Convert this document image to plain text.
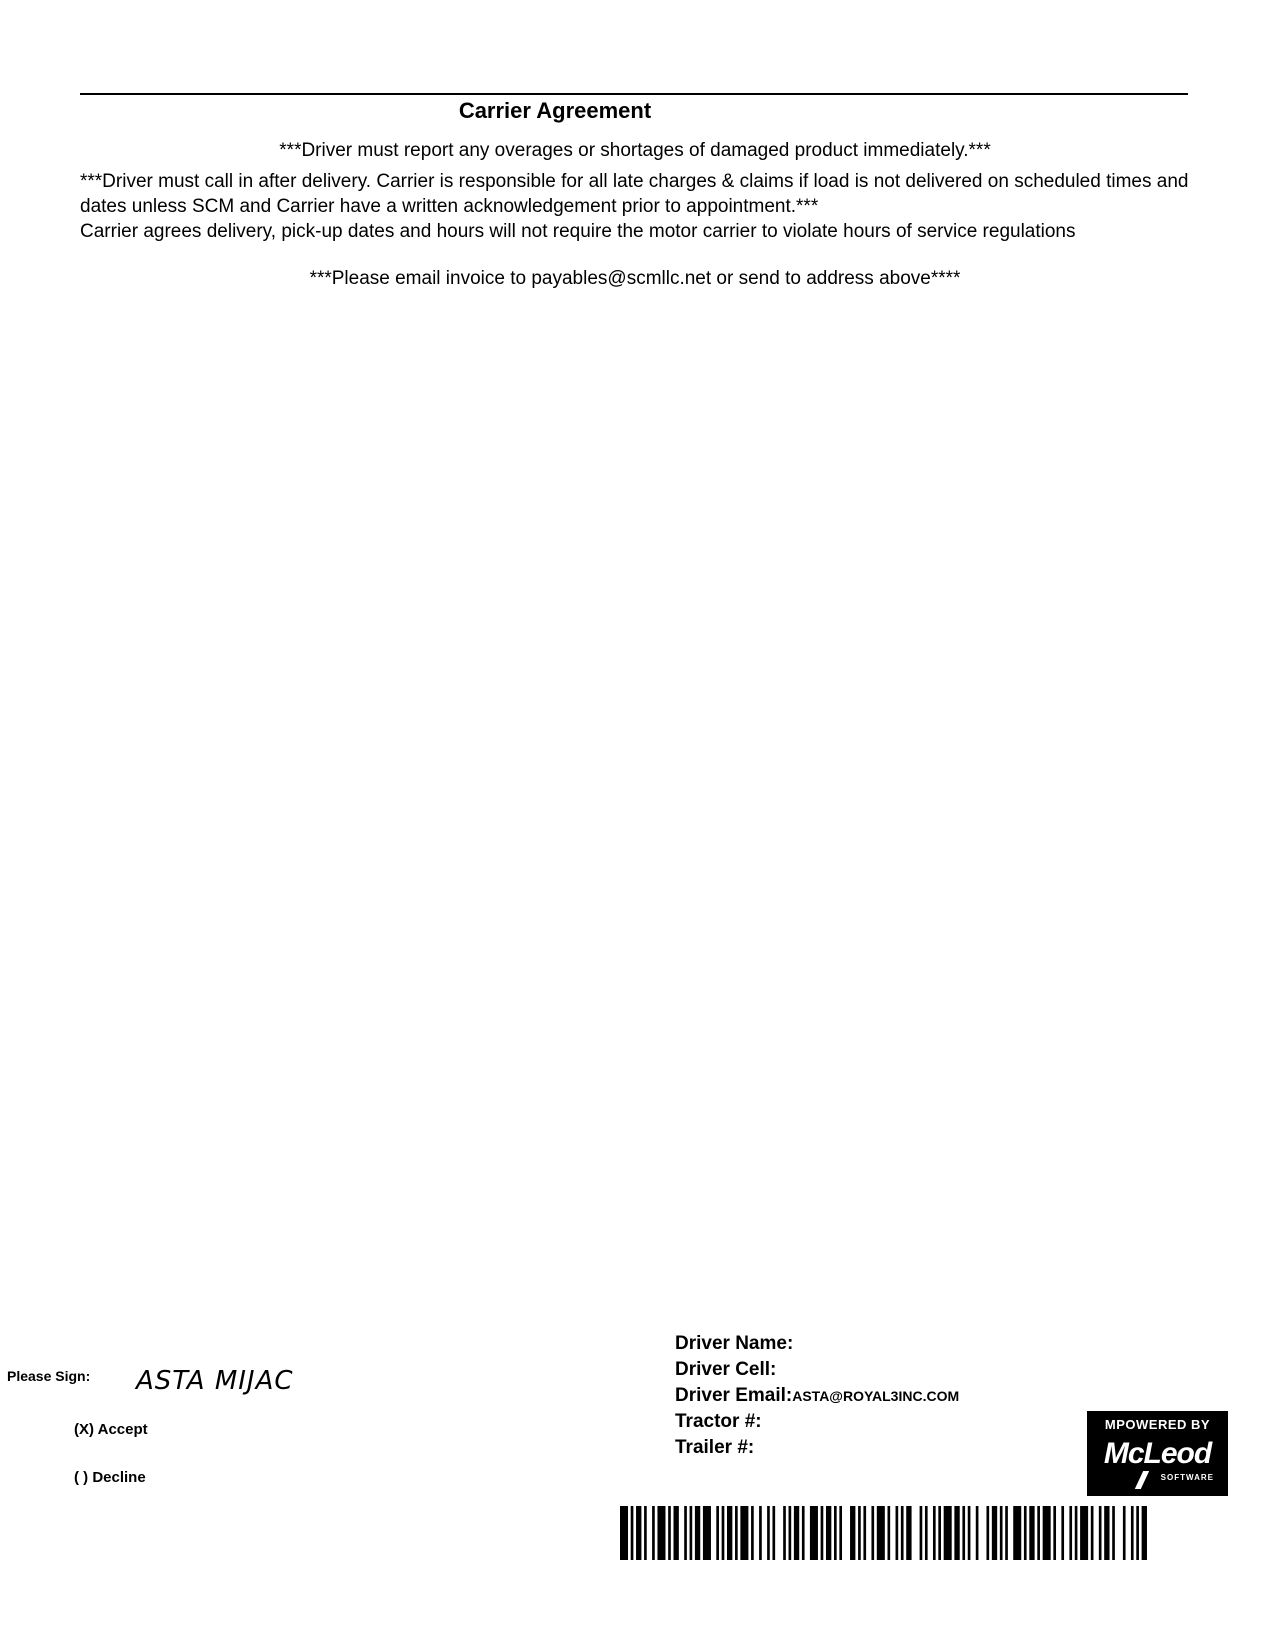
Carrier Agreement
***Driver must report any overages or shortages of damaged product immediately.***

***Driver must call in after delivery. Carrier is responsible for all late charges & claims if load is not delivered on scheduled times and dates unless SCM and Carrier have a written acknowledgement prior to appointment.***

Carrier agrees delivery, pick-up dates and hours will not require the motor carrier to violate hours of service regulations

***Please email invoice to payables@scmllc.net or send to address above****
Please Sign: ASTA MIJAC
(X) Accept
( ) Decline
Driver Name:
Driver Cell:
Driver Email:ASTA@ROYAL3INC.COM
Tractor #:
Trailer #:
MPOWERED BY
McLeod
SOFTWARE
